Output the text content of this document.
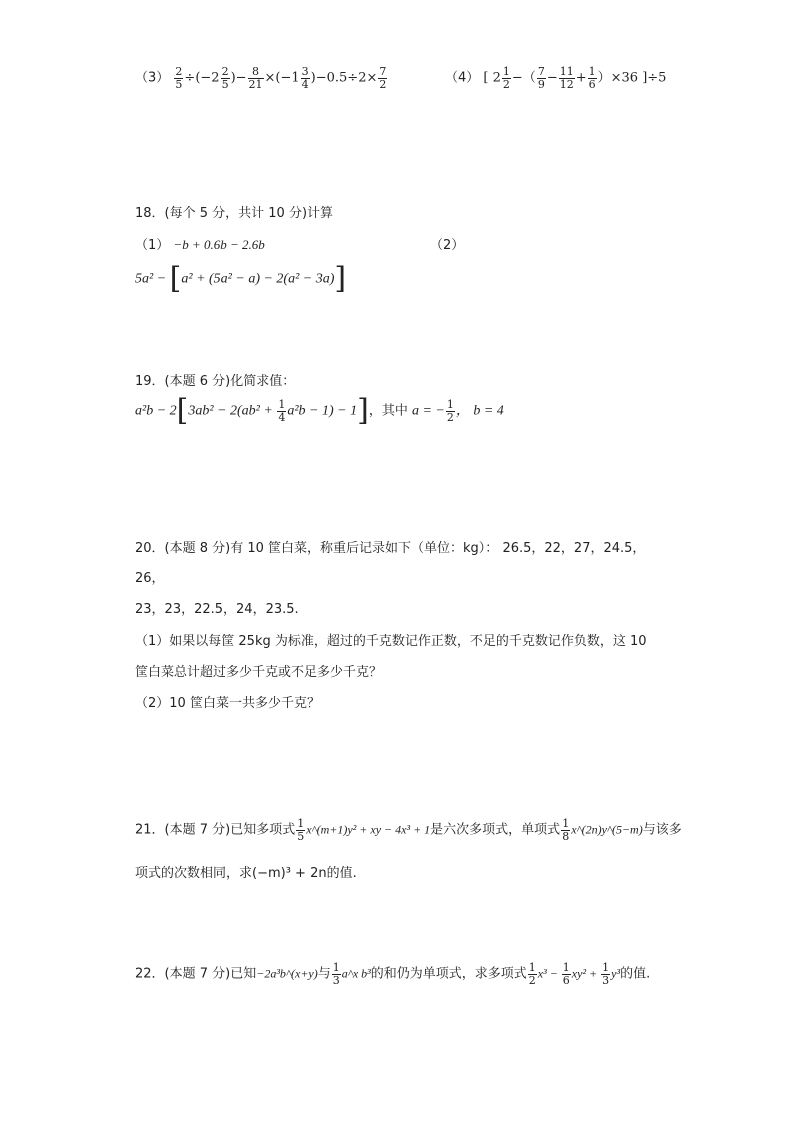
$(3) \frac{2}{5} \div(-2 \frac{2}{5}$ )− $\frac{8}{21} \times(-1 \frac{3}{4} )-0.5\div 2\times \frac{7}{2}$	（4） [ $2 \frac{1}{2}$ −（ $\frac{7}{9} - \frac{11}{12} + \frac{1}{6} )\times 36$ ]÷5
18．(每个 5 分，共计 10 分)计算
（1） −b + 0.6b − 2.6b	（2）
5a² − [a² + (5a² − a) − 2(a² − 3a)]
19．(本题 6 分)化简求值：
$a^2b - 2[3ab^2 - 2(ab^2 + \frac{1}{4} a^2b - 1) - 1]$，其中 a = − $\frac{1}{2}$ ， b = 4
20．(本题 8 分)有 10 筐白菜，称重后记录如下（单位：kg）： 26.5，22，27，24.5，
26，
23，23，22.5，24，23.5.
（1）如果以每筐 25kg 为标准，超过的千克数记作正数，不足的千克数记作负数，这 10
筐白菜总计超过多少千克或不足多少千克？
（2）10 筐白菜一共多少千克？
21．(本题 7 分)已知多项式 $\frac{1}{5}$ x^(m+1)y² + xy − 4x³ + 1是六次多项式，单项式 $\frac{1}{8}$ x^(2n)y^(5−m)与该多
项式的次数相同，求(−m)³ + 2n的值.
22．(本题 7 分)已知−2a³b^(x+y)与 $\frac{1}{3}$ a^x b³的和仍为单项式，求多项式 $\frac{1}{2} x^3 - \frac{1}{6} xy^2 + \frac{1}{3} y^3$的值.
